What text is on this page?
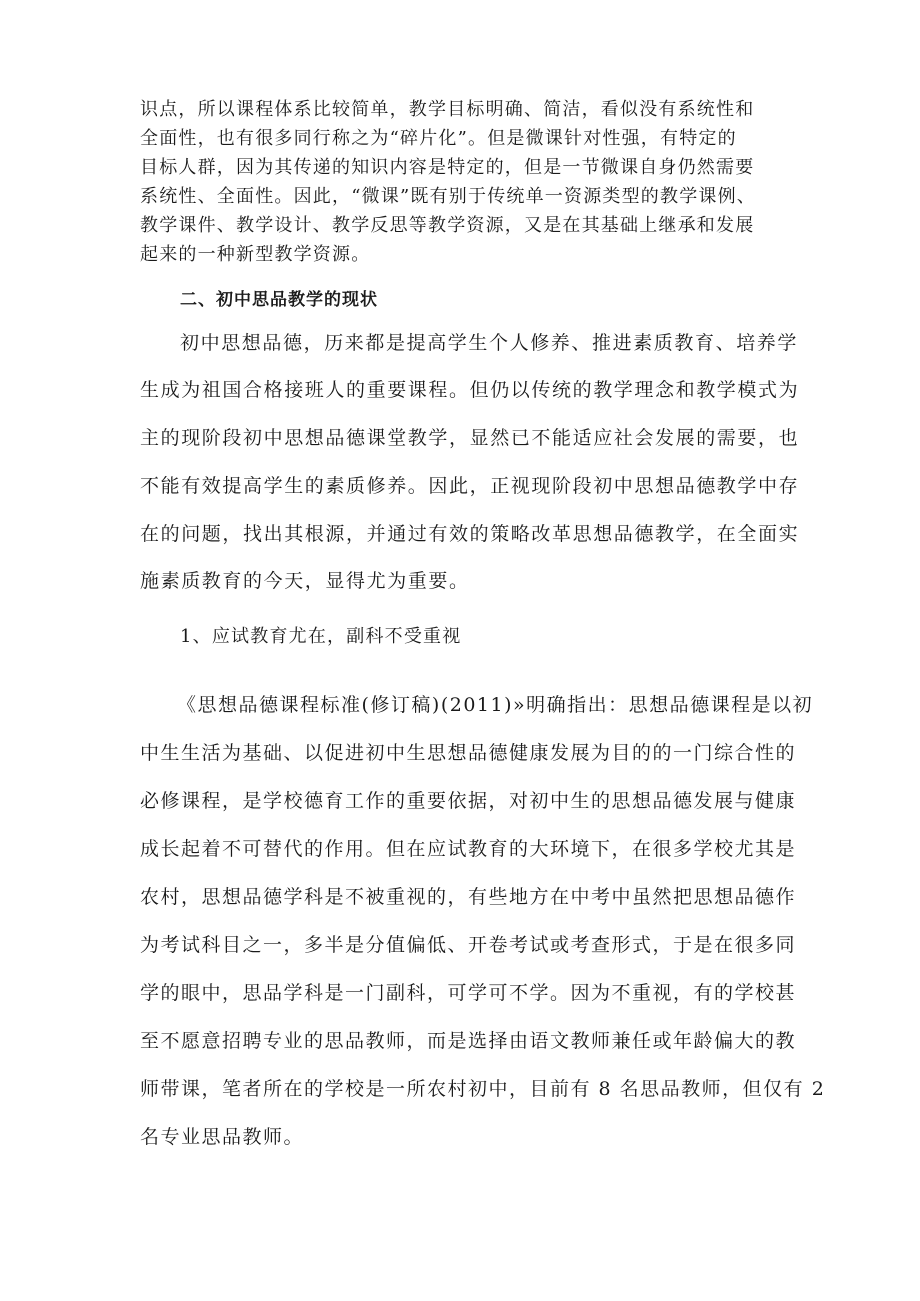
识点，所以课程体系比较简单，教学目标明确、简洁，看似没有系统性和
全面性，也有很多同行称之为“碎片化”。但是微课针对性强，有特定的
目标人群，因为其传递的知识内容是特定的，但是一节微课自身仍然需要
系统性、全面性。因此，“微课”既有别于传统单一资源类型的教学课例、
教学课件、教学设计、教学反思等教学资源，又是在其基础上继承和发展
起来的一种新型教学资源。
二、初中思品教学的现状
初中思想品德，历来都是提高学生个人修养、推进素质教育、培养学
生成为祖国合格接班人的重要课程。但仍以传统的教学理念和教学模式为
主的现阶段初中思想品德课堂教学，显然已不能适应社会发展的需要，也
不能有效提高学生的素质修养。因此，正视现阶段初中思想品德教学中存
在的问题，找出其根源，并通过有效的策略改革思想品德教学，在全面实
施素质教育的今天，显得尤为重要。
1、应试教育尤在，副科不受重视
《思想品德课程标准(修订稿)(2011)»明确指出：思想品德课程是以初
中生生活为基础、以促进初中生思想品德健康发展为目的的一门综合性的
必修课程，是学校德育工作的重要依据，对初中生的思想品德发展与健康
成长起着不可替代的作用。但在应试教育的大环境下，在很多学校尤其是
农村，思想品德学科是不被重视的，有些地方在中考中虽然把思想品德作
为考试科目之一，多半是分值偏低、开卷考试或考查形式，于是在很多同
学的眼中，思品学科是一门副科，可学可不学。因为不重视，有的学校甚
至不愿意招聘专业的思品教师，而是选择由语文教师兼任或年龄偏大的教
师带课，笔者所在的学校是一所农村初中，目前有 8 名思品教师，但仅有 2
名专业思品教师。
